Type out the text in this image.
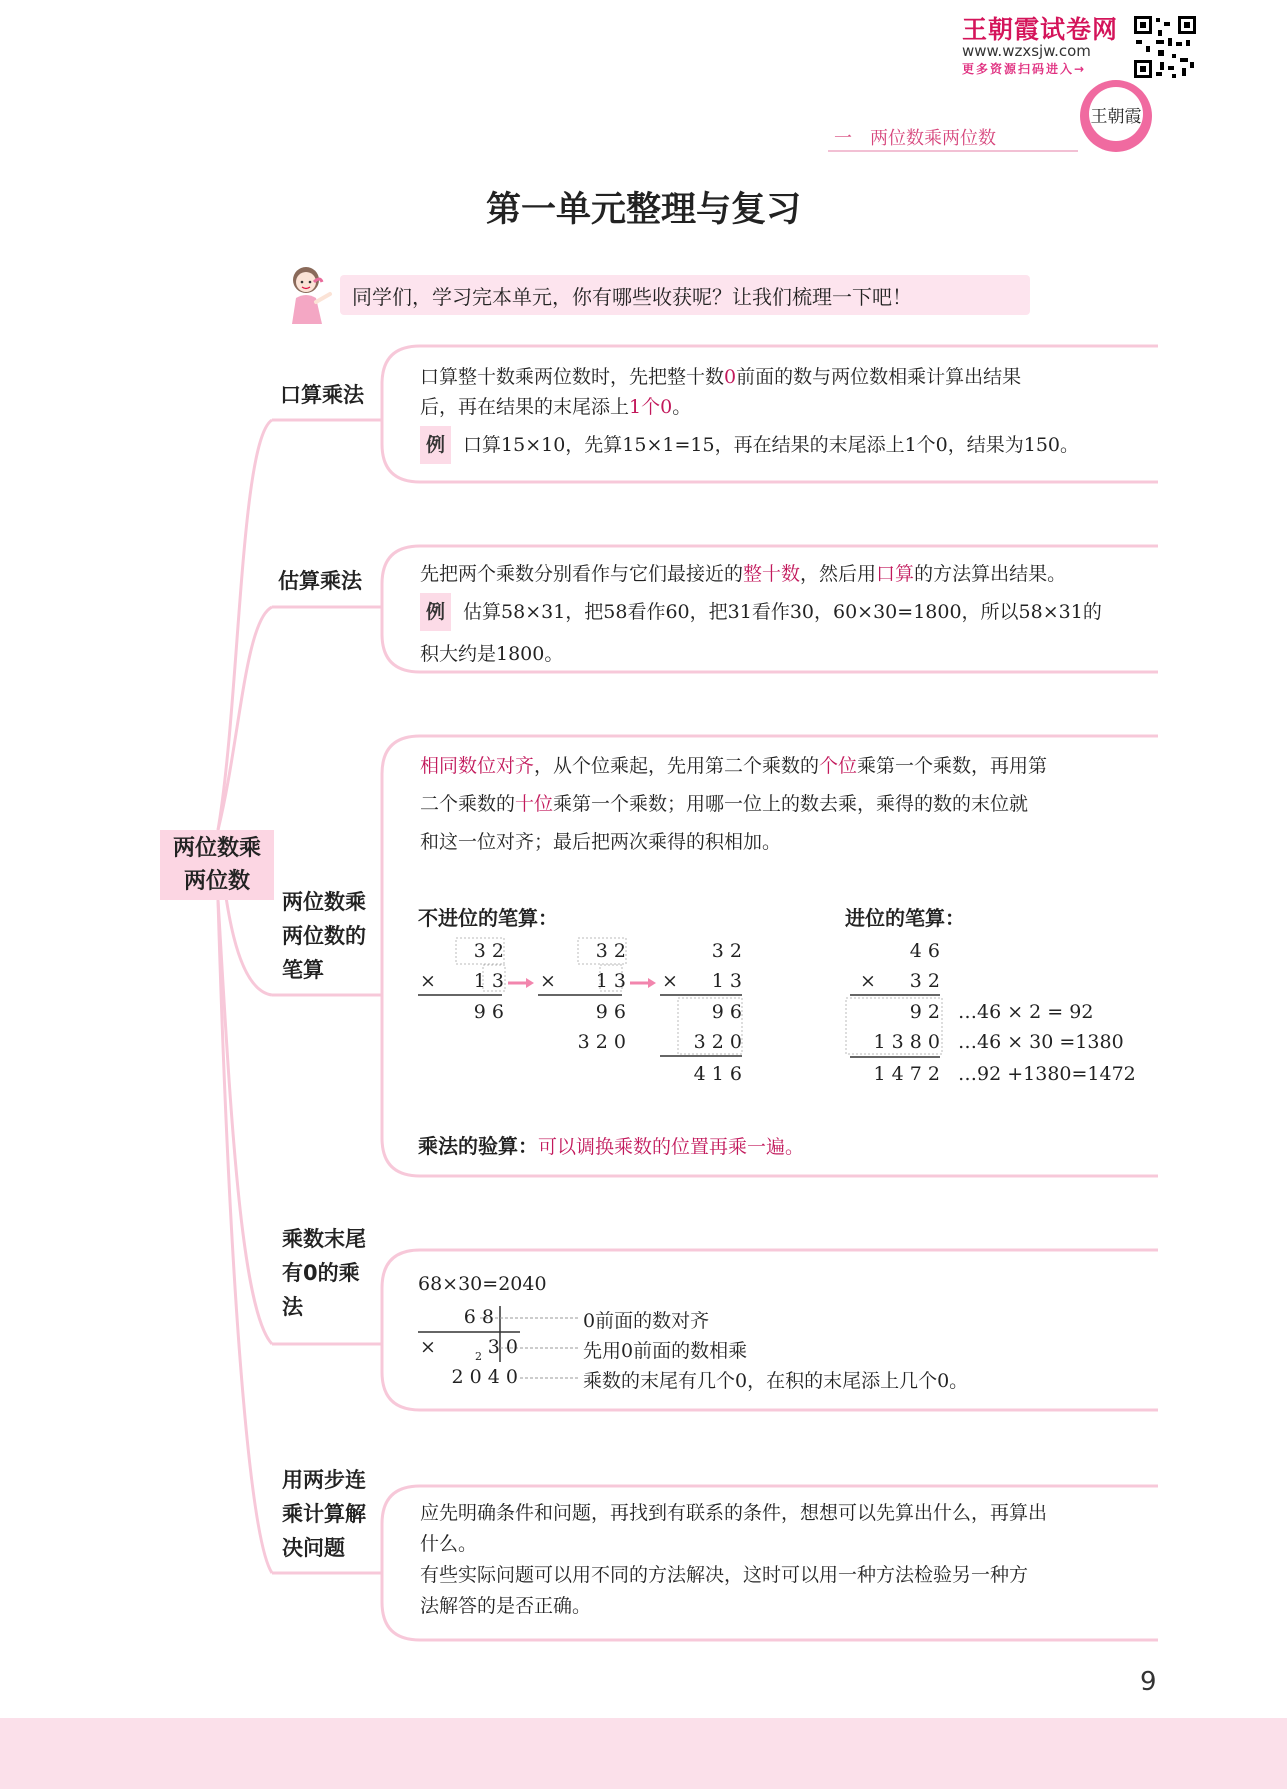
王朝霞试卷网
www.wzxsjw.com
更多资源扫码进入→
王朝霞
一　两位数乘两位数
第一单元整理与复习
同学们，学习完本单元，你有哪些收获呢？让我们梳理一下吧！
两位数乘
两位数
口算乘法
口算整十数乘两位数时，先把整十数0前面的数与两位数相乘计算出结果
后，再在结果的末尾添上1个0。
例 口算15×10，先算15×1=15，再在结果的末尾添上1个0，结果为150。
估算乘法	先把两个乘数分别看作与它们最接近的整十数，然后用口算的方法算出结果。
例 估算58×31，把58看作60，把31看作30，60×30=1800，所以58×31的
积大约是1800。
两位数乘
两位数的
笔算
相同数位对齐，从个位乘起，先用第二个乘数的个位乘第一个乘数，再用第
二个乘数的十位乘第一个乘数；用哪一位上的数去乘，乘得的数的末位就
和这一位对齐；最后把两次乘得的积相加。
不进位的笔算：	进位的笔算：
3 2
×	1 3
9 6
3 2
×	1 3
9 6
3 2 0
3 2
×	1 3
9 6
3 2 0
4 1 6
4 6
×	3 2
9 2
1 3 8 0
1 4 7 2
…46 × 2 = 92
…46 × 30 =1380
…92 +1380=1472
乘法的验算：可以调换乘数的位置再乘一遍。
乘数末尾
有0的乘
法
68×30=2040
6 8
×	2 3 0
2 0 4 0
0前面的数对齐
先用0前面的数相乘
乘数的末尾有几个0，在积的末尾添上几个0。
用两步连
乘计算解
决问题
应先明确条件和问题，再找到有联系的条件，想想可以先算出什么，再算出
什么。
有些实际问题可以用不同的方法解决，这时可以用一种方法检验另一种方
法解答的是否正确。
9
